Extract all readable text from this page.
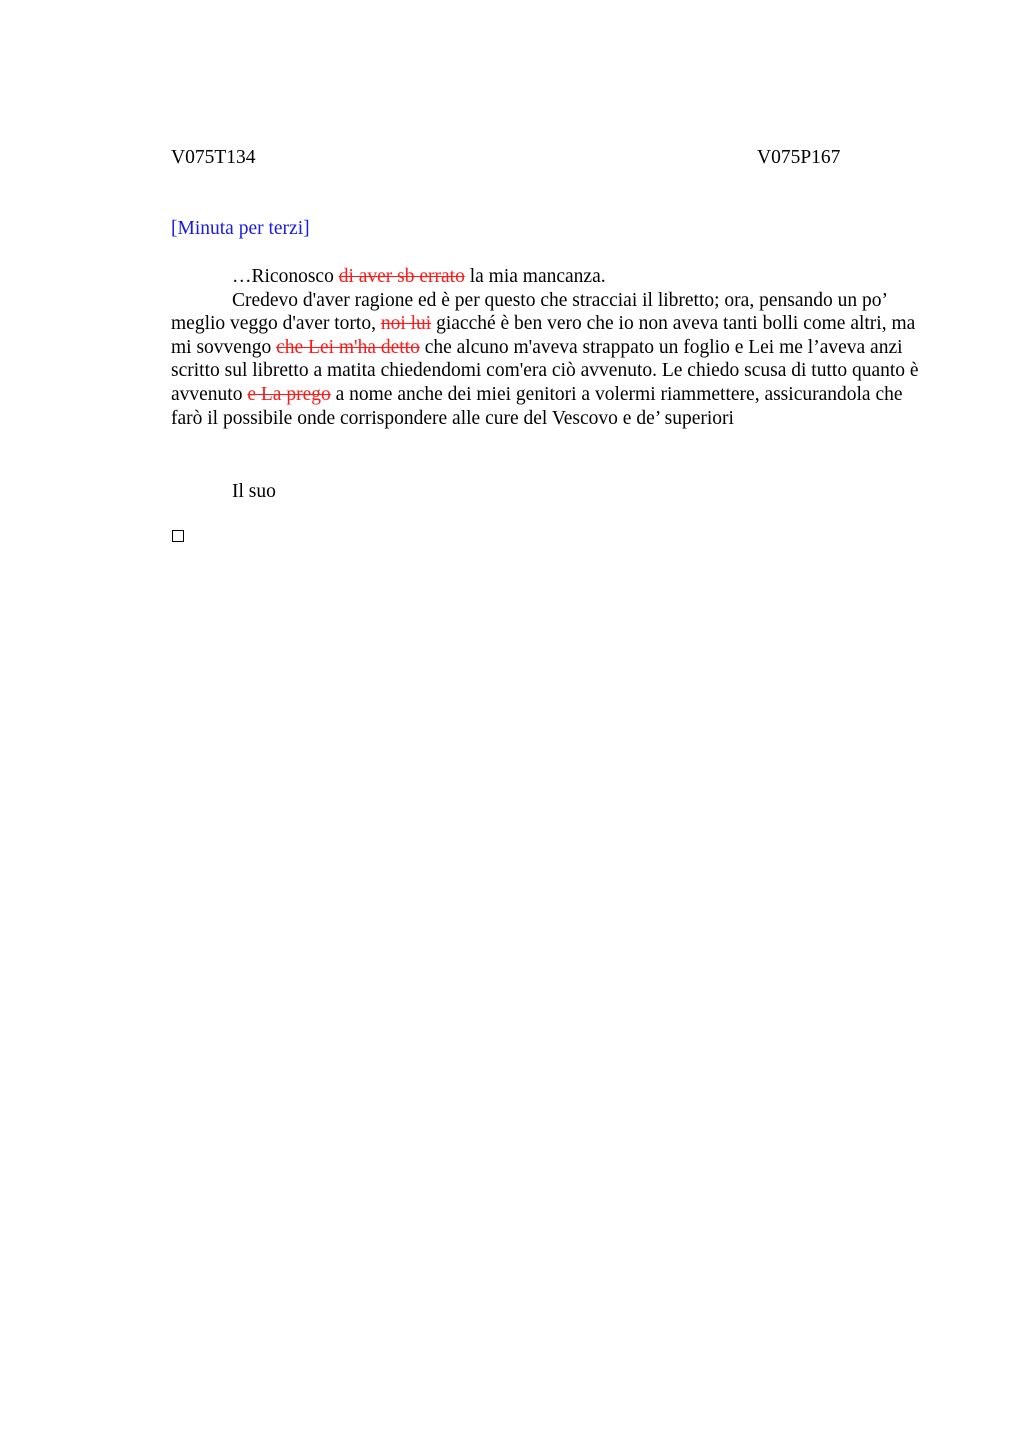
V075T134	V075P167
[Minuta per terzi]

…Riconosco di aver sb errato la mia mancanza.

Credevo d'aver ragione ed è per questo che stracciai il libretto; ora, pensando un po’ meglio veggo d'aver torto, noi lui giacché è ben vero che io non aveva tanti bolli come altri, ma mi sovvengo che Lei m'ha detto che alcuno m'aveva strappato un foglio e Lei me l’aveva anzi scritto sul libretto a matita chiedendomi com'era ciò avvenuto. Le chiedo scusa di tutto quanto è avvenuto e La prego a nome anche dei miei genitori a volermi riammettere, assicurandola che farò il possibile onde corrispondere alle cure del Vescovo e de’ superiori

Il suo
